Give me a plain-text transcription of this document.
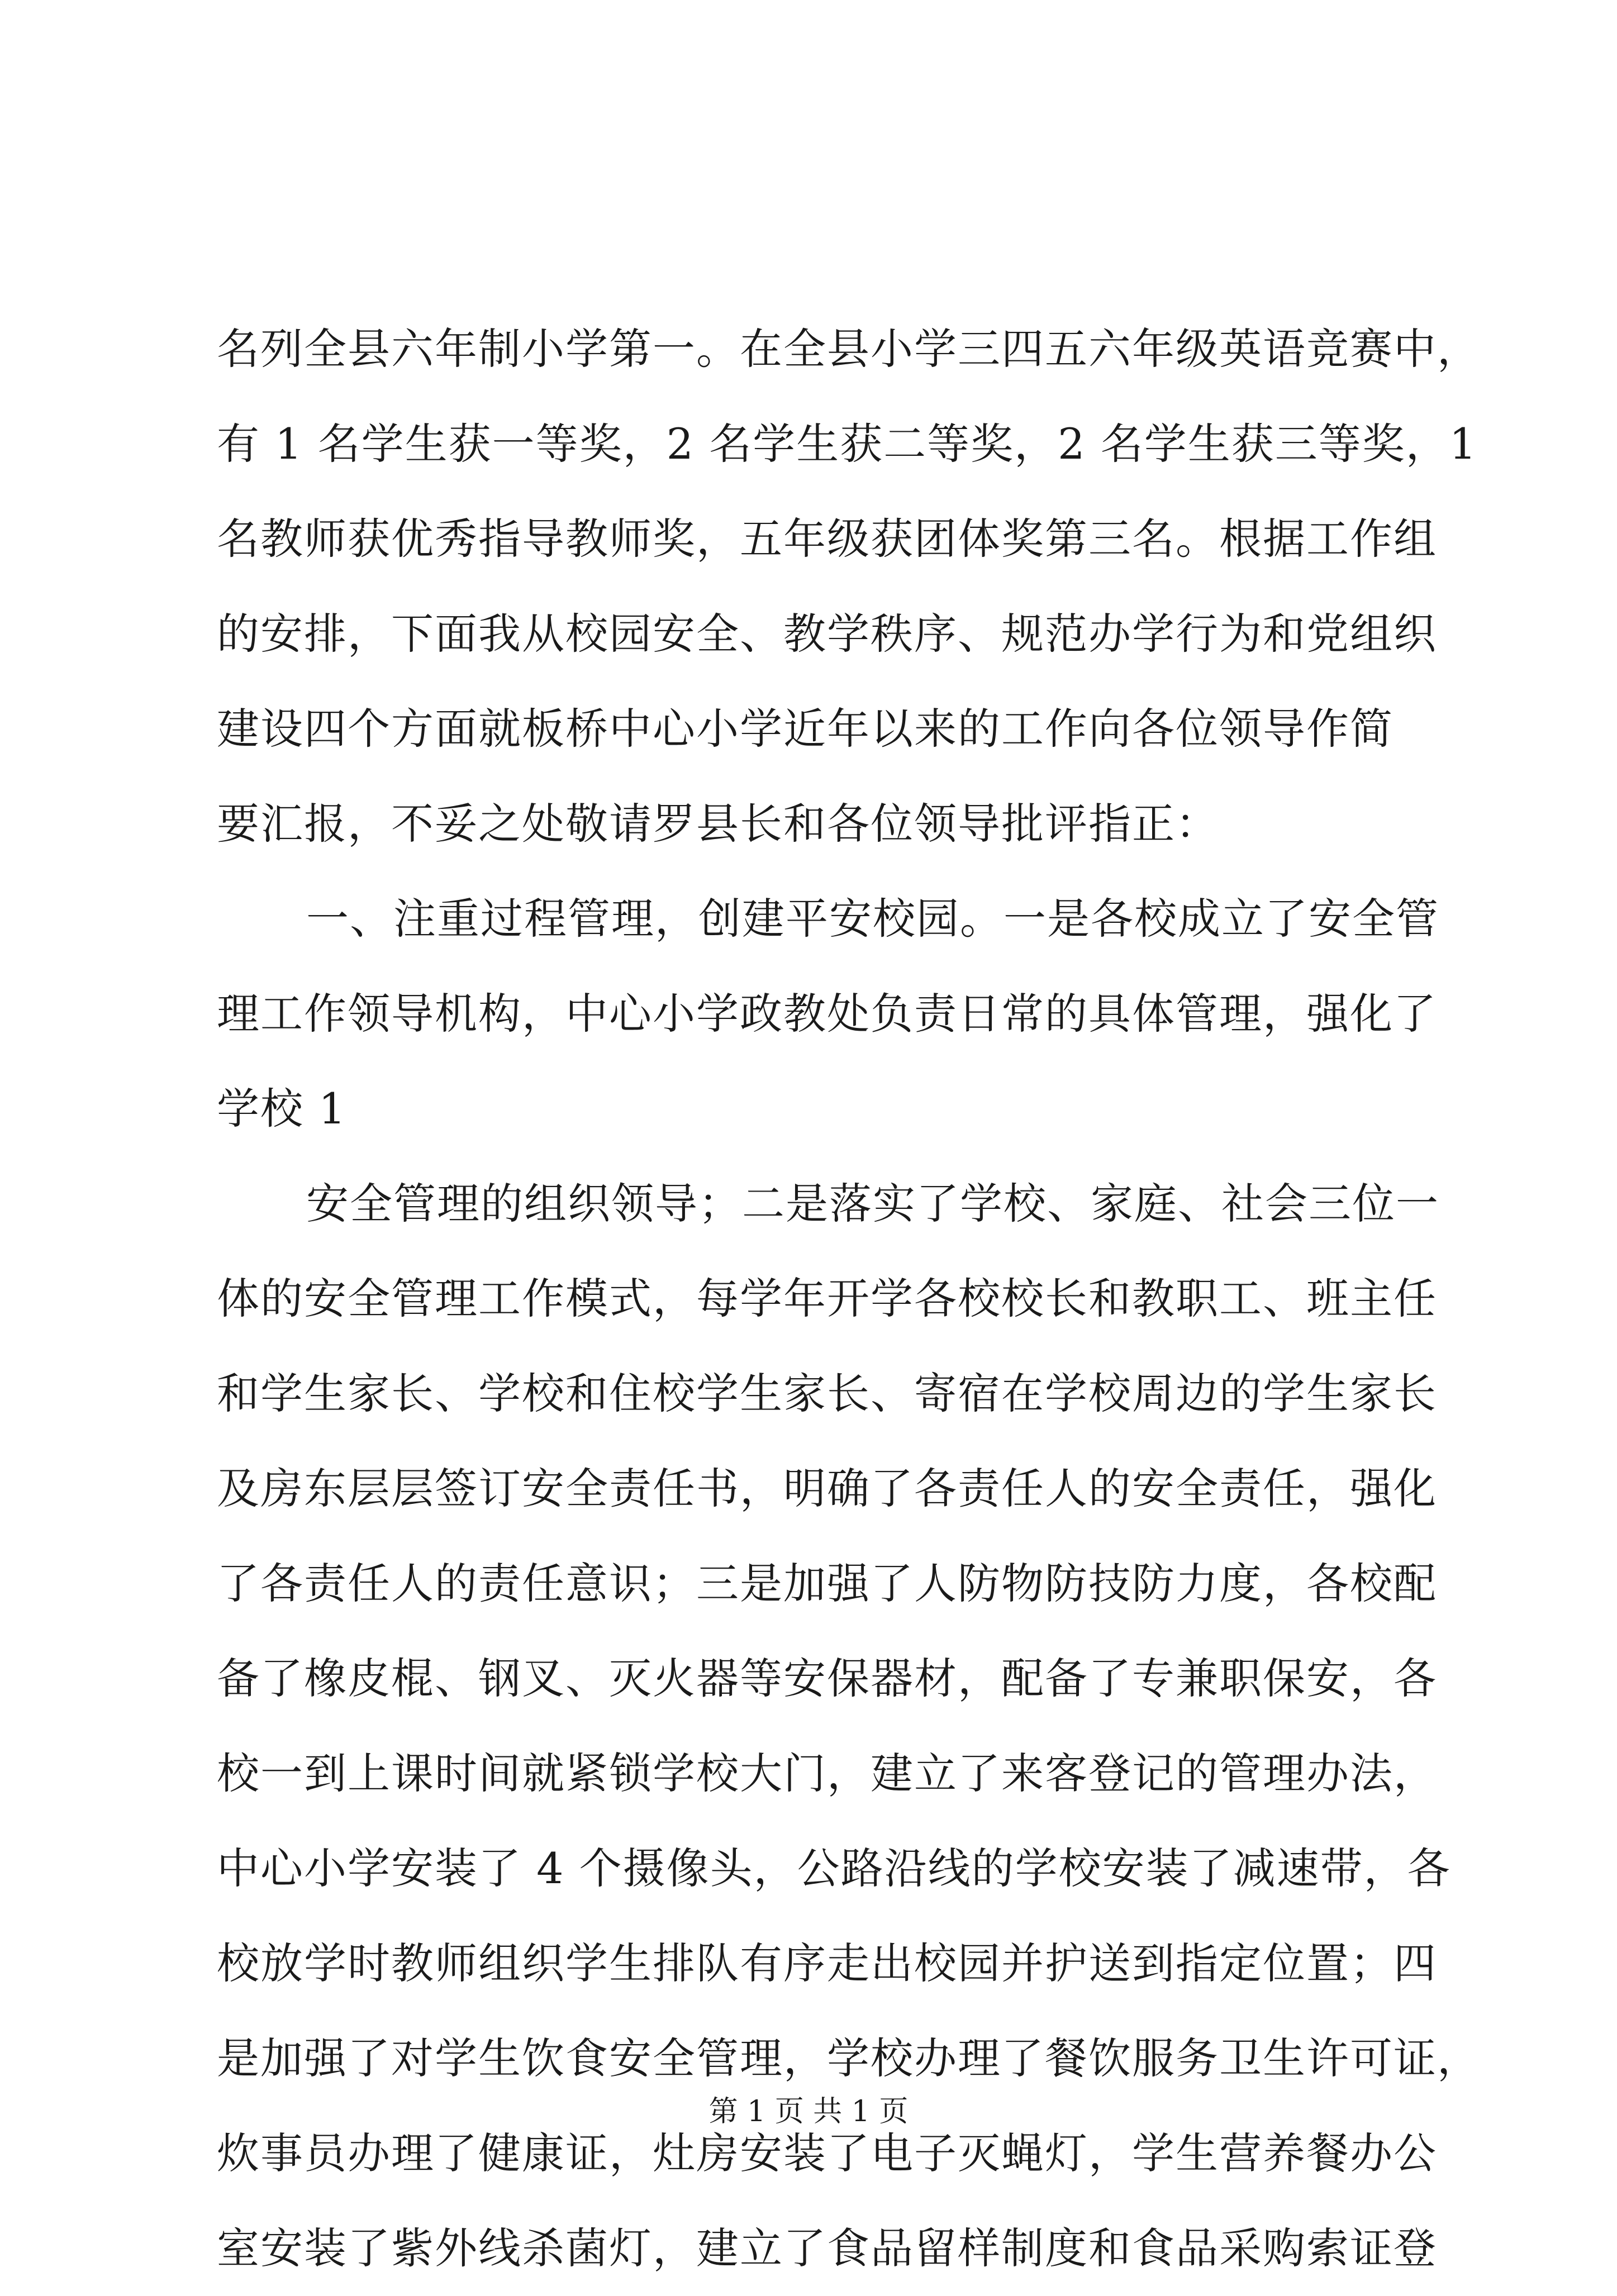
名列全县六年制小学第一。在全县小学三四五六年级英语竞赛中，
有 1 名学生获一等奖，2 名学生获二等奖，2 名学生获三等奖，1
名教师获优秀指导教师奖，五年级获团体奖第三名。根据工作组
的安排，下面我从校园安全、教学秩序、规范办学行为和党组织
建设四个方面就板桥中心小学近年以来的工作向各位领导作简
要汇报，不妥之处敬请罗县长和各位领导批评指正：
一、注重过程管理，创建平安校园。一是各校成立了安全管
理工作领导机构，中心小学政教处负责日常的具体管理，强化了
学校 1
安全管理的组织领导；二是落实了学校、家庭、社会三位一
体的安全管理工作模式，每学年开学各校校长和教职工、班主任
和学生家长、学校和住校学生家长、寄宿在学校周边的学生家长
及房东层层签订安全责任书，明确了各责任人的安全责任，强化
了各责任人的责任意识；三是加强了人防物防技防力度，各校配
备了橡皮棍、钢叉、灭火器等安保器材，配备了专兼职保安，各
校一到上课时间就紧锁学校大门，建立了来客登记的管理办法，
中心小学安装了 4 个摄像头，公路沿线的学校安装了减速带，各
校放学时教师组织学生排队有序走出校园并护送到指定位置；四
是加强了对学生饮食安全管理，学校办理了餐饮服务卫生许可证，
炊事员办理了健康证，灶房安装了电子灭蝇灯，学生营养餐办公
室安装了紫外线杀菌灯，建立了食品留样制度和食品采购索证登
第 1 页 共 1 页
